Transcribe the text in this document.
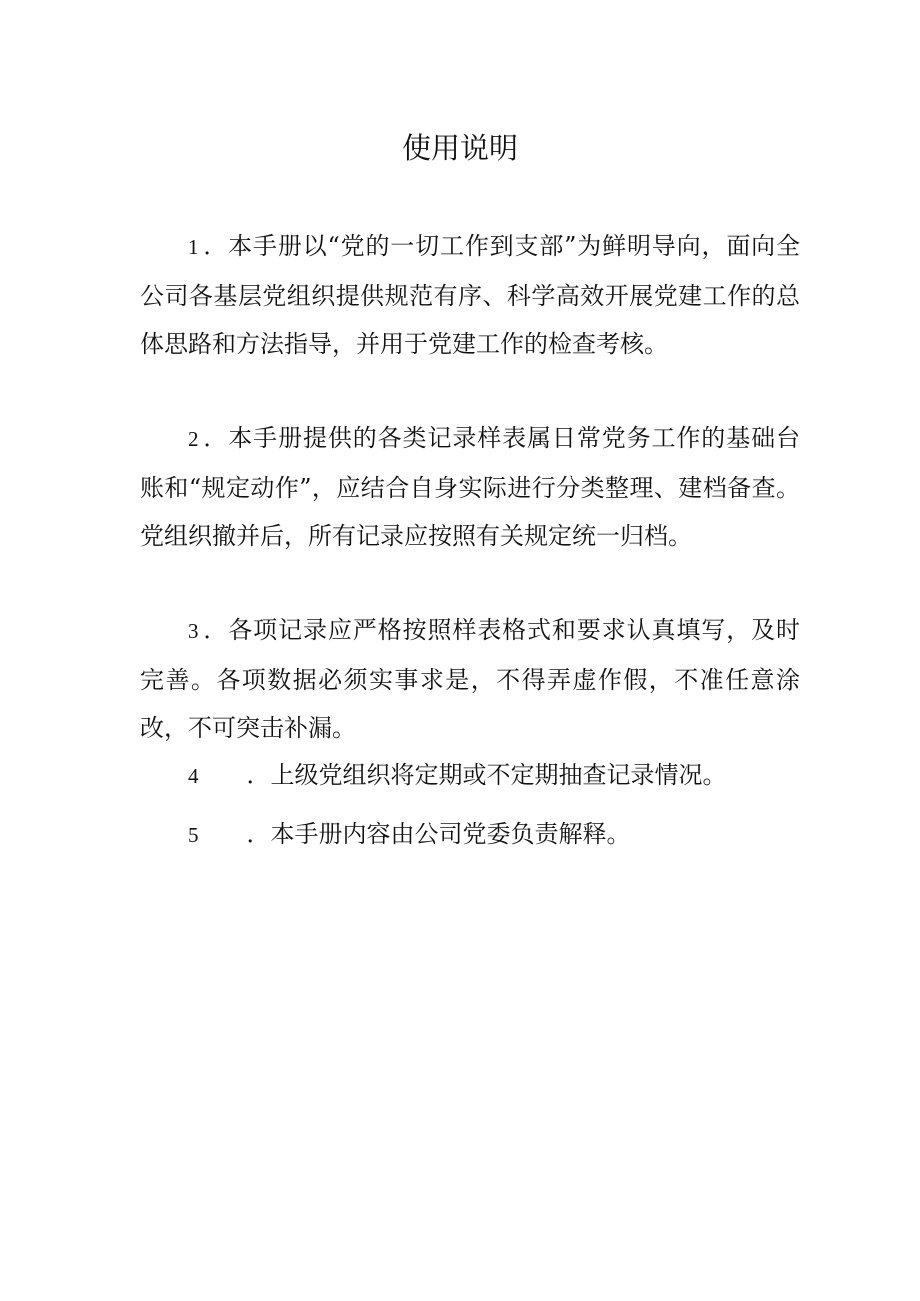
使用说明

1 ．本手册以“党的一切工作到支部”为鲜明导向，面向全公司各基层党组织提供规范有序、科学高效开展党建工作的总体思路和方法指导，并用于党建工作的检查考核。

2 ．本手册提供的各类记录样表属日常党务工作的基础台账和“规定动作”，应结合自身实际进行分类整理、建档备查。党组织撤并后，所有记录应按照有关规定统一归档。

3 ．各项记录应严格按照样表格式和要求认真填写，及时完善。各项数据必须实事求是，不得弄虚作假，不准任意涂改，不可突击补漏。

4 ．上级党组织将定期或不定期抽查记录情况。

5 ．本手册内容由公司党委负责解释。
